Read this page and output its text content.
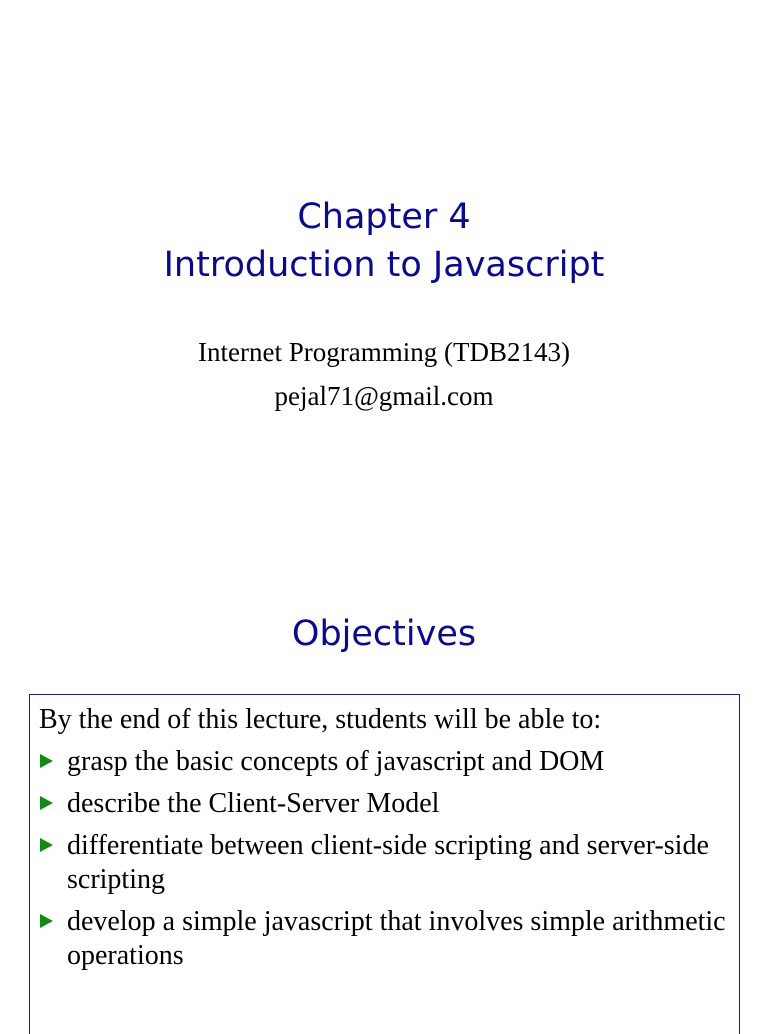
Chapter 4
Introduction to Javascript

Internet Programming (TDB2143)

pejal71@gmail.com

Objectives
By the end of this lecture, students will be able to:
grasp the basic concepts of javascript and DOM
describe the Client-Server Model
differentiate between client-side scripting and server-side scripting
develop a simple javascript that involves simple arithmetic operations
